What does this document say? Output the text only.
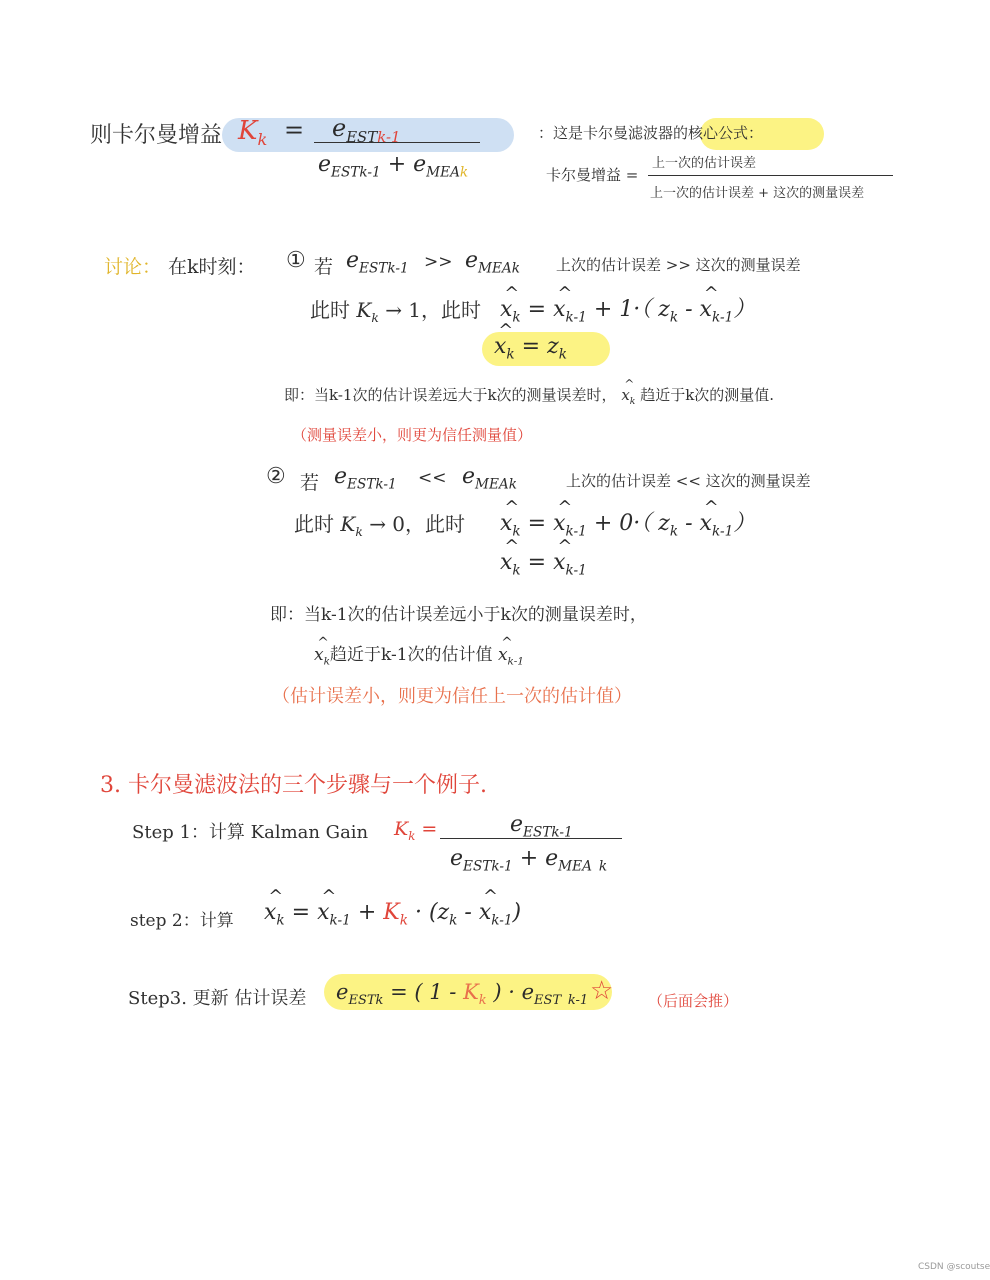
则卡尔曼增益 $K_k = e_{ESTk-1}$
$e_{ESTk-1} + e_{MEAk}$
：这是卡尔曼滤波器的核心公式：
卡尔曼增益 =
上一次的估计误差
上一次的估计误差 + 这次的测量误差
讨论： 在k时刻： ① 若 $e_{ESTk-1} >> e_{MEAk}$ 上次的估计误差 >> 这次的测量误差
此时 $K_k \to 1$，此时 ^ $x_k$ = ^ $x_{k-1} + 1\cdot$（ $z_k$ - ^ $x_{k-1}$）
^ $x_k = z_k$
即：当k-1次的估计误差远大于k次的测量误差时， ^ $x_k$ 趋近于k次的测量值.
（测量误差小，则更为信任测量值）
② 若 $e_{ESTk-1} << e_{MEAk}$	上次的估计误差 << 这次的测量误差
此时 $K_k \to 0$，此时 ^ $x_k$ = ^ $x_{k-1} + 0\cdot$（ $z_k$ - ^ $x_{k-1}$）
^ $x_k$ = ^ $x_{k-1}$
即：当k-1次的估计误差远小于k次的测量误差时，
^ $x_k$趋近于k-1次的估计值 ^ $x_{k-1}$
（估计误差小，则更为信任上一次的估计值）
3. 卡尔曼滤波法的三个步骤与一个例子.
Step 1：计算 Kalman Gain $K_k$ =	$e_{ESTk-1}$
$e_{ESTk-1} + e_{MEA}$ $_k$
step 2：计算 ^ $x_k$ = ^ $x_{k-1} + K_k \cdot (z_k$ - ^ $x_{k-1}$)
Step3. 更新 估计误差 $e_{ESTk}$ = ( $1 - K_k$ ) · $e_{EST}$ $_{k-1}$ ☆ （后面会推）
CSDN @scoutse
